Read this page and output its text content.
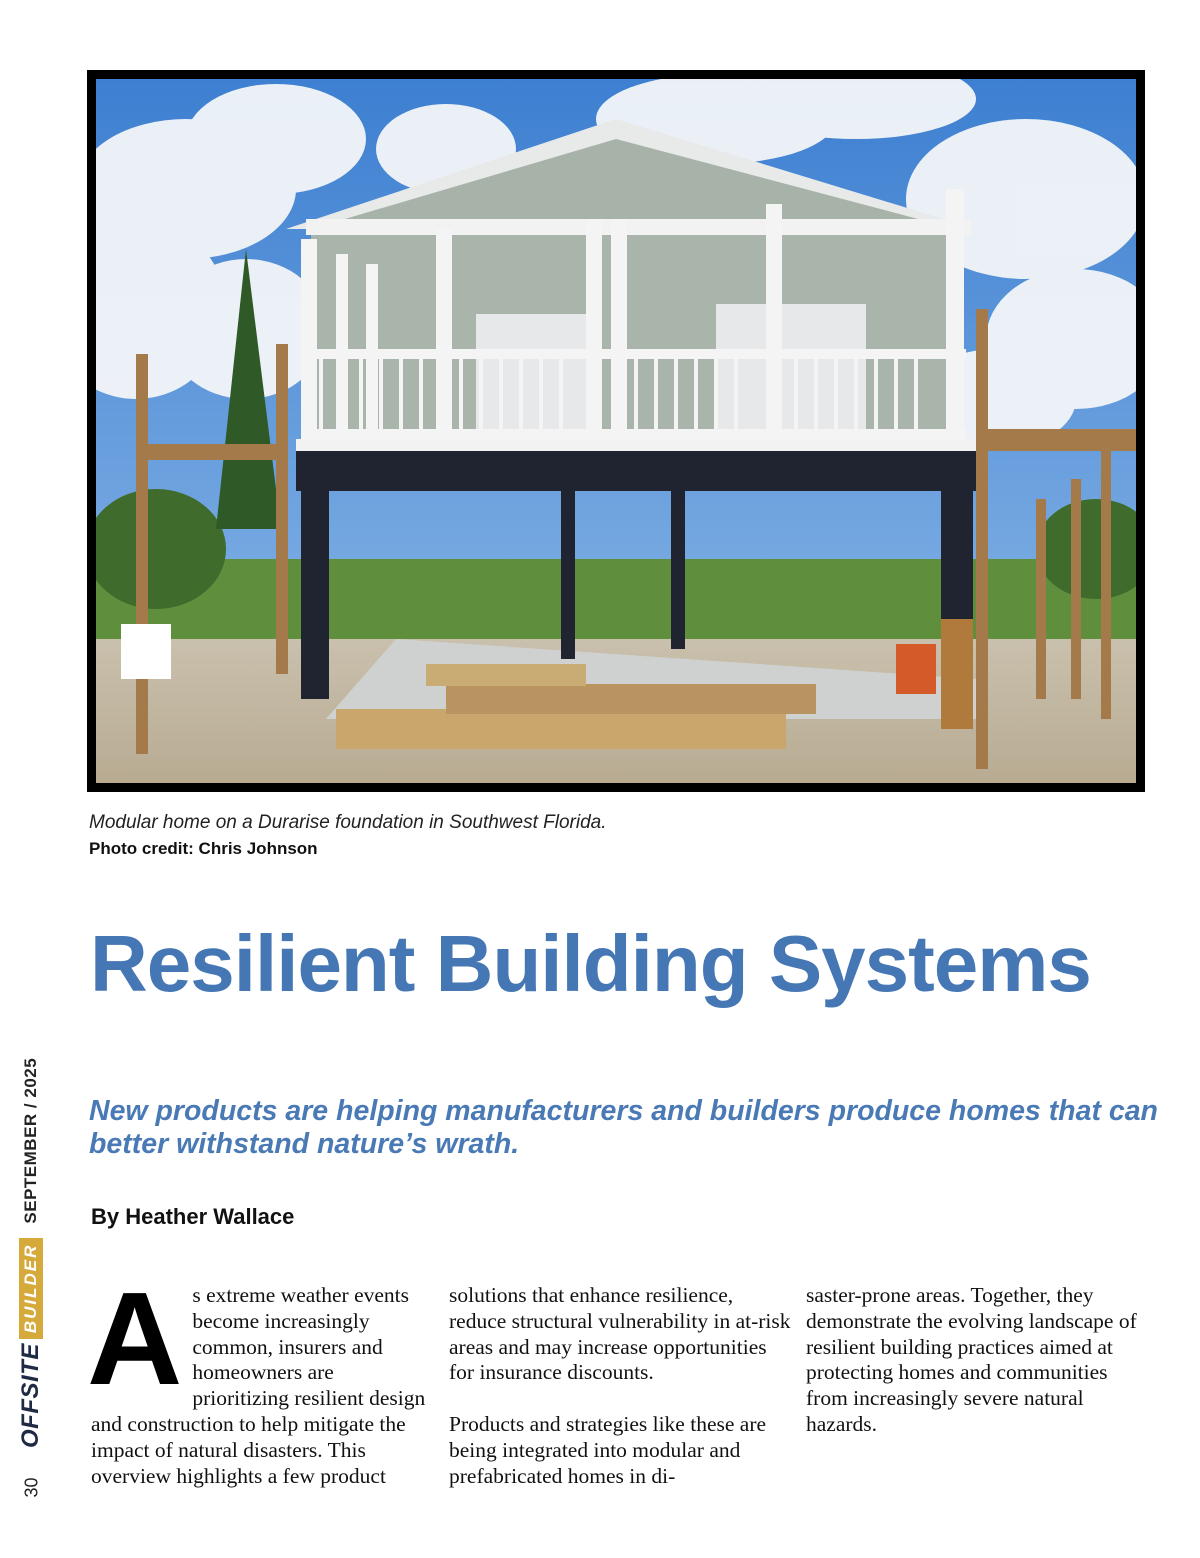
Modular home on a Durarise foundation in Southwest Florida.
Photo credit: Chris Johnson
Resilient Building Systems
New products are helping manufacturers and builders produce homes that can better withstand nature’s wrath.
By Heather Wallace
A s extreme weather events become increasingly common, insurers and homeowners are prioritizing resilient design and construction to help mitigate the impact of natural disasters. This overview highlights a few product

solutions that enhance resilience, reduce structural vulnerability in at-risk areas and may increase opportunities for insurance discounts.

Products and strategies like these are being integrated into modular and prefabricated homes in di-

saster-prone areas. Together, they demonstrate the evolving landscape of resilient building practices aimed at protecting homes and communities from increasingly severe natural hazards.

OFFSITE
BUILDER
SEPTEMBER / 2025
30
